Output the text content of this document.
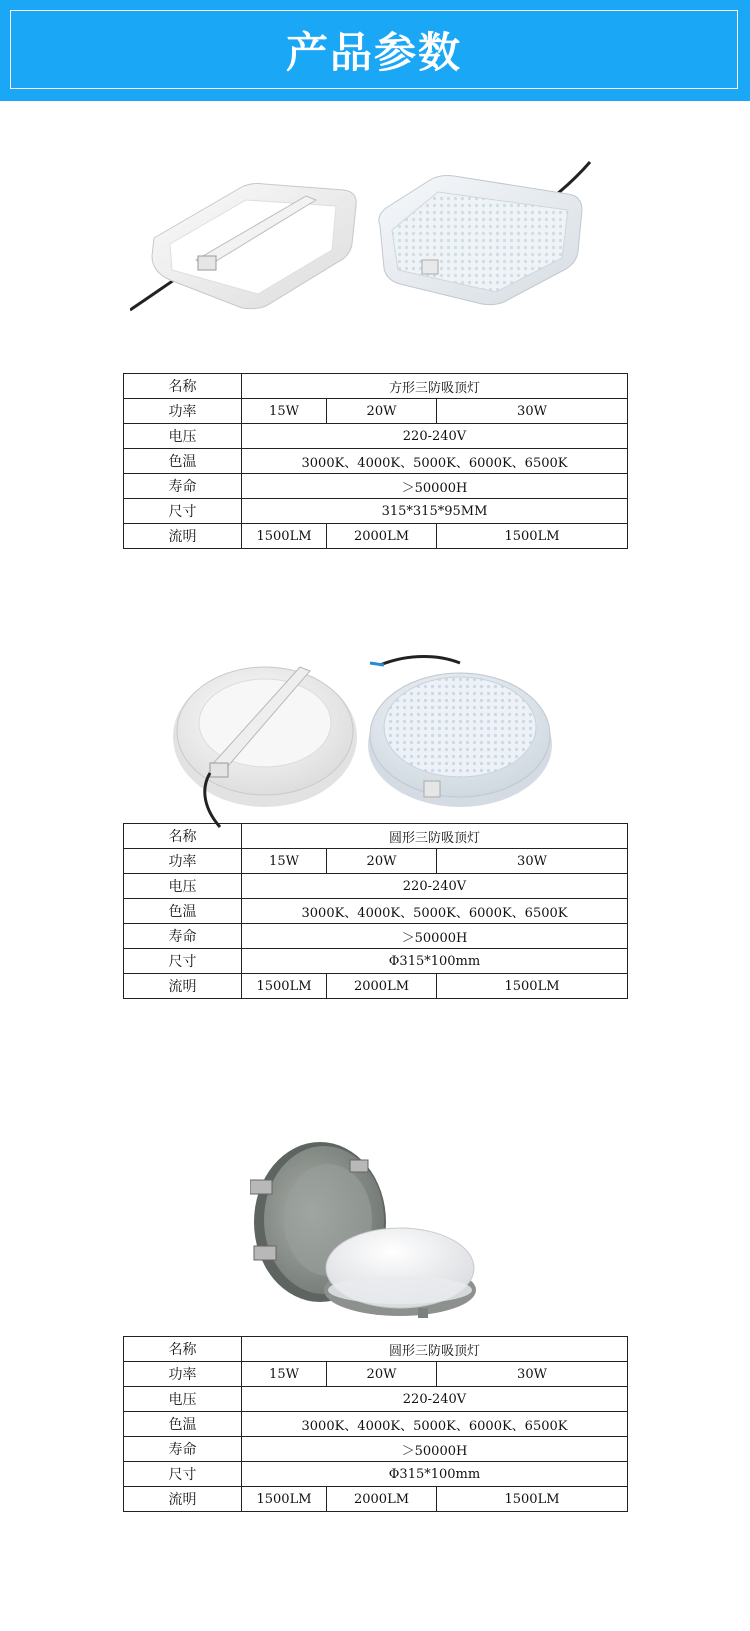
产品参数
名称	方形三防吸顶灯		
功率	15W	20W	30W
电压	220-240V		
色温	3000K、4000K、5000K、6000K、6500K		
寿命	＞50000H		
尺寸	315*315*95MM		
流明	1500LM	2000LM	1500LM
名称	圆形三防吸顶灯		
功率	15W	20W	30W
电压	220-240V		
色温	3000K、4000K、5000K、6000K、6500K		
寿命	＞50000H		
尺寸	Φ315*100mm		
流明	1500LM	2000LM	1500LM
名称	圆形三防吸顶灯		
功率	15W	20W	30W
电压	220-240V		
色温	3000K、4000K、5000K、6000K、6500K		
寿命	＞50000H		
尺寸	Φ315*100mm		
流明	1500LM	2000LM	1500LM
